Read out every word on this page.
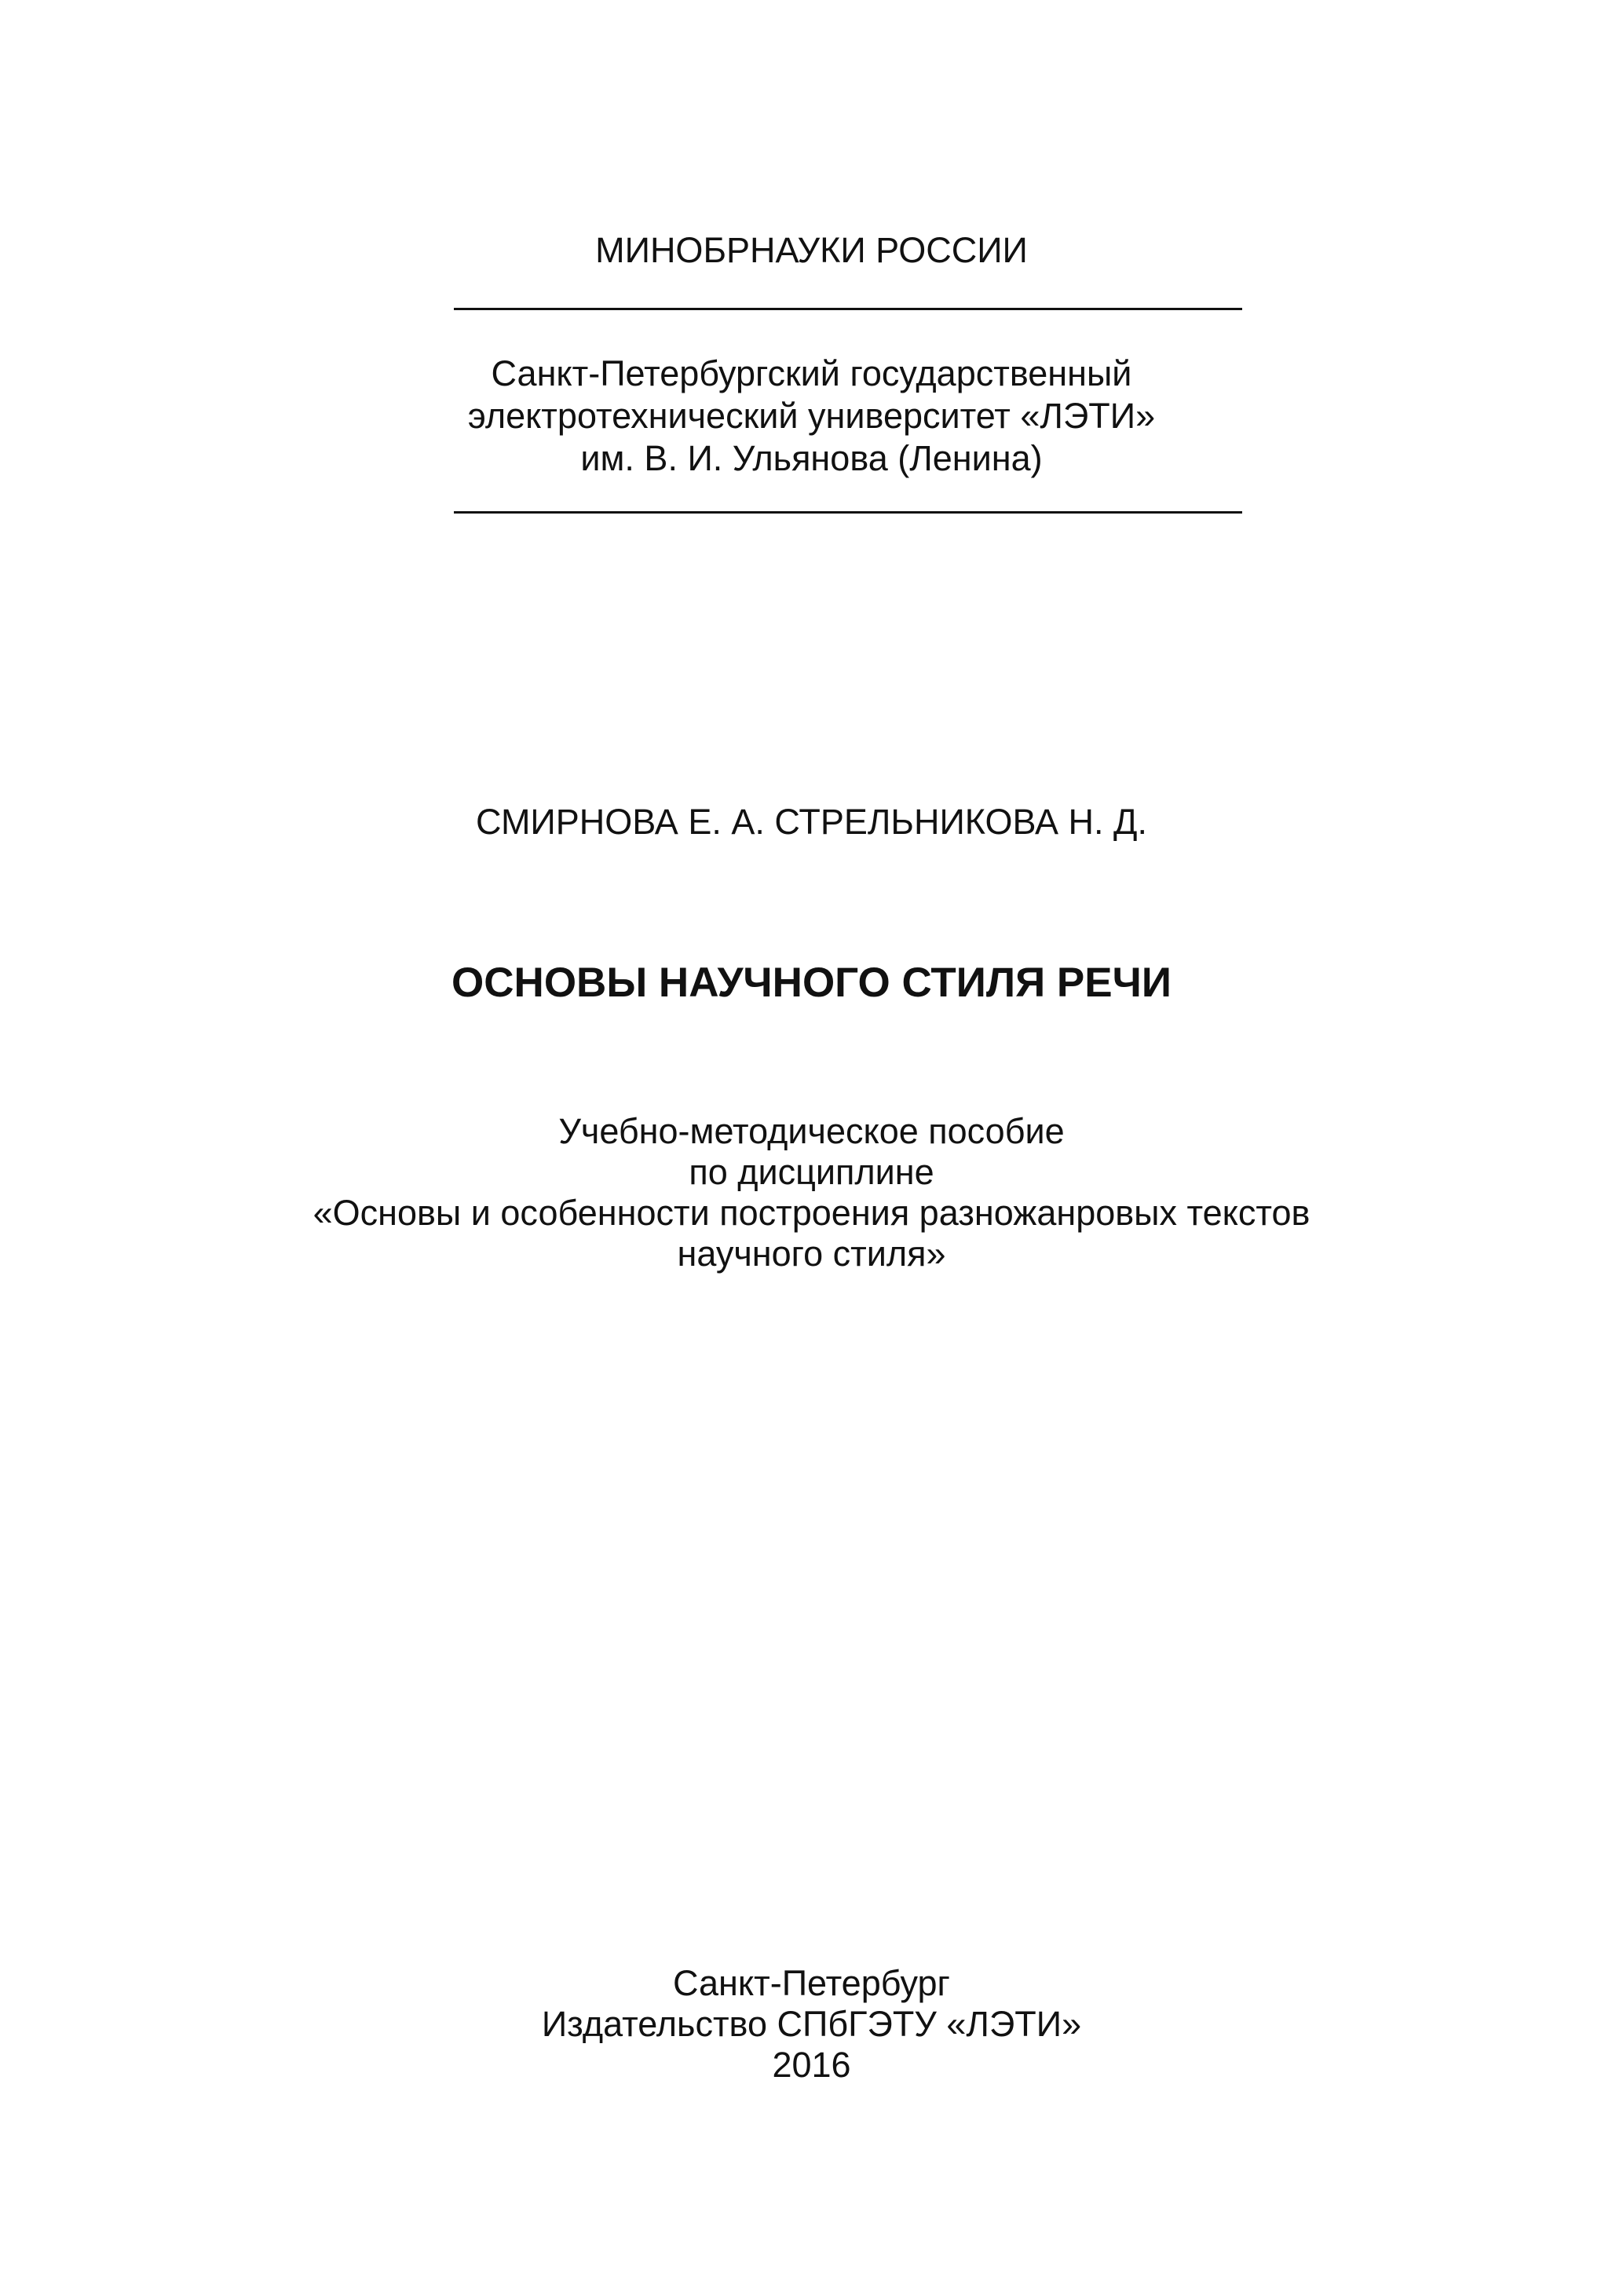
МИНОБРНАУКИ РОССИИ
Санкт-Петербургский государственный
электротехнический университет «ЛЭТИ»
им. В. И. Ульянова (Ленина)
СМИРНОВА Е. А. СТРЕЛЬНИКОВА Н. Д.
ОСНОВЫ НАУЧНОГО СТИЛЯ РЕЧИ
Учебно-методическое пособие
по дисциплине
«Основы и особенности построения разножанровых текстов
научного стиля»
Санкт-Петербург
Издательство СПбГЭТУ «ЛЭТИ»
2016
